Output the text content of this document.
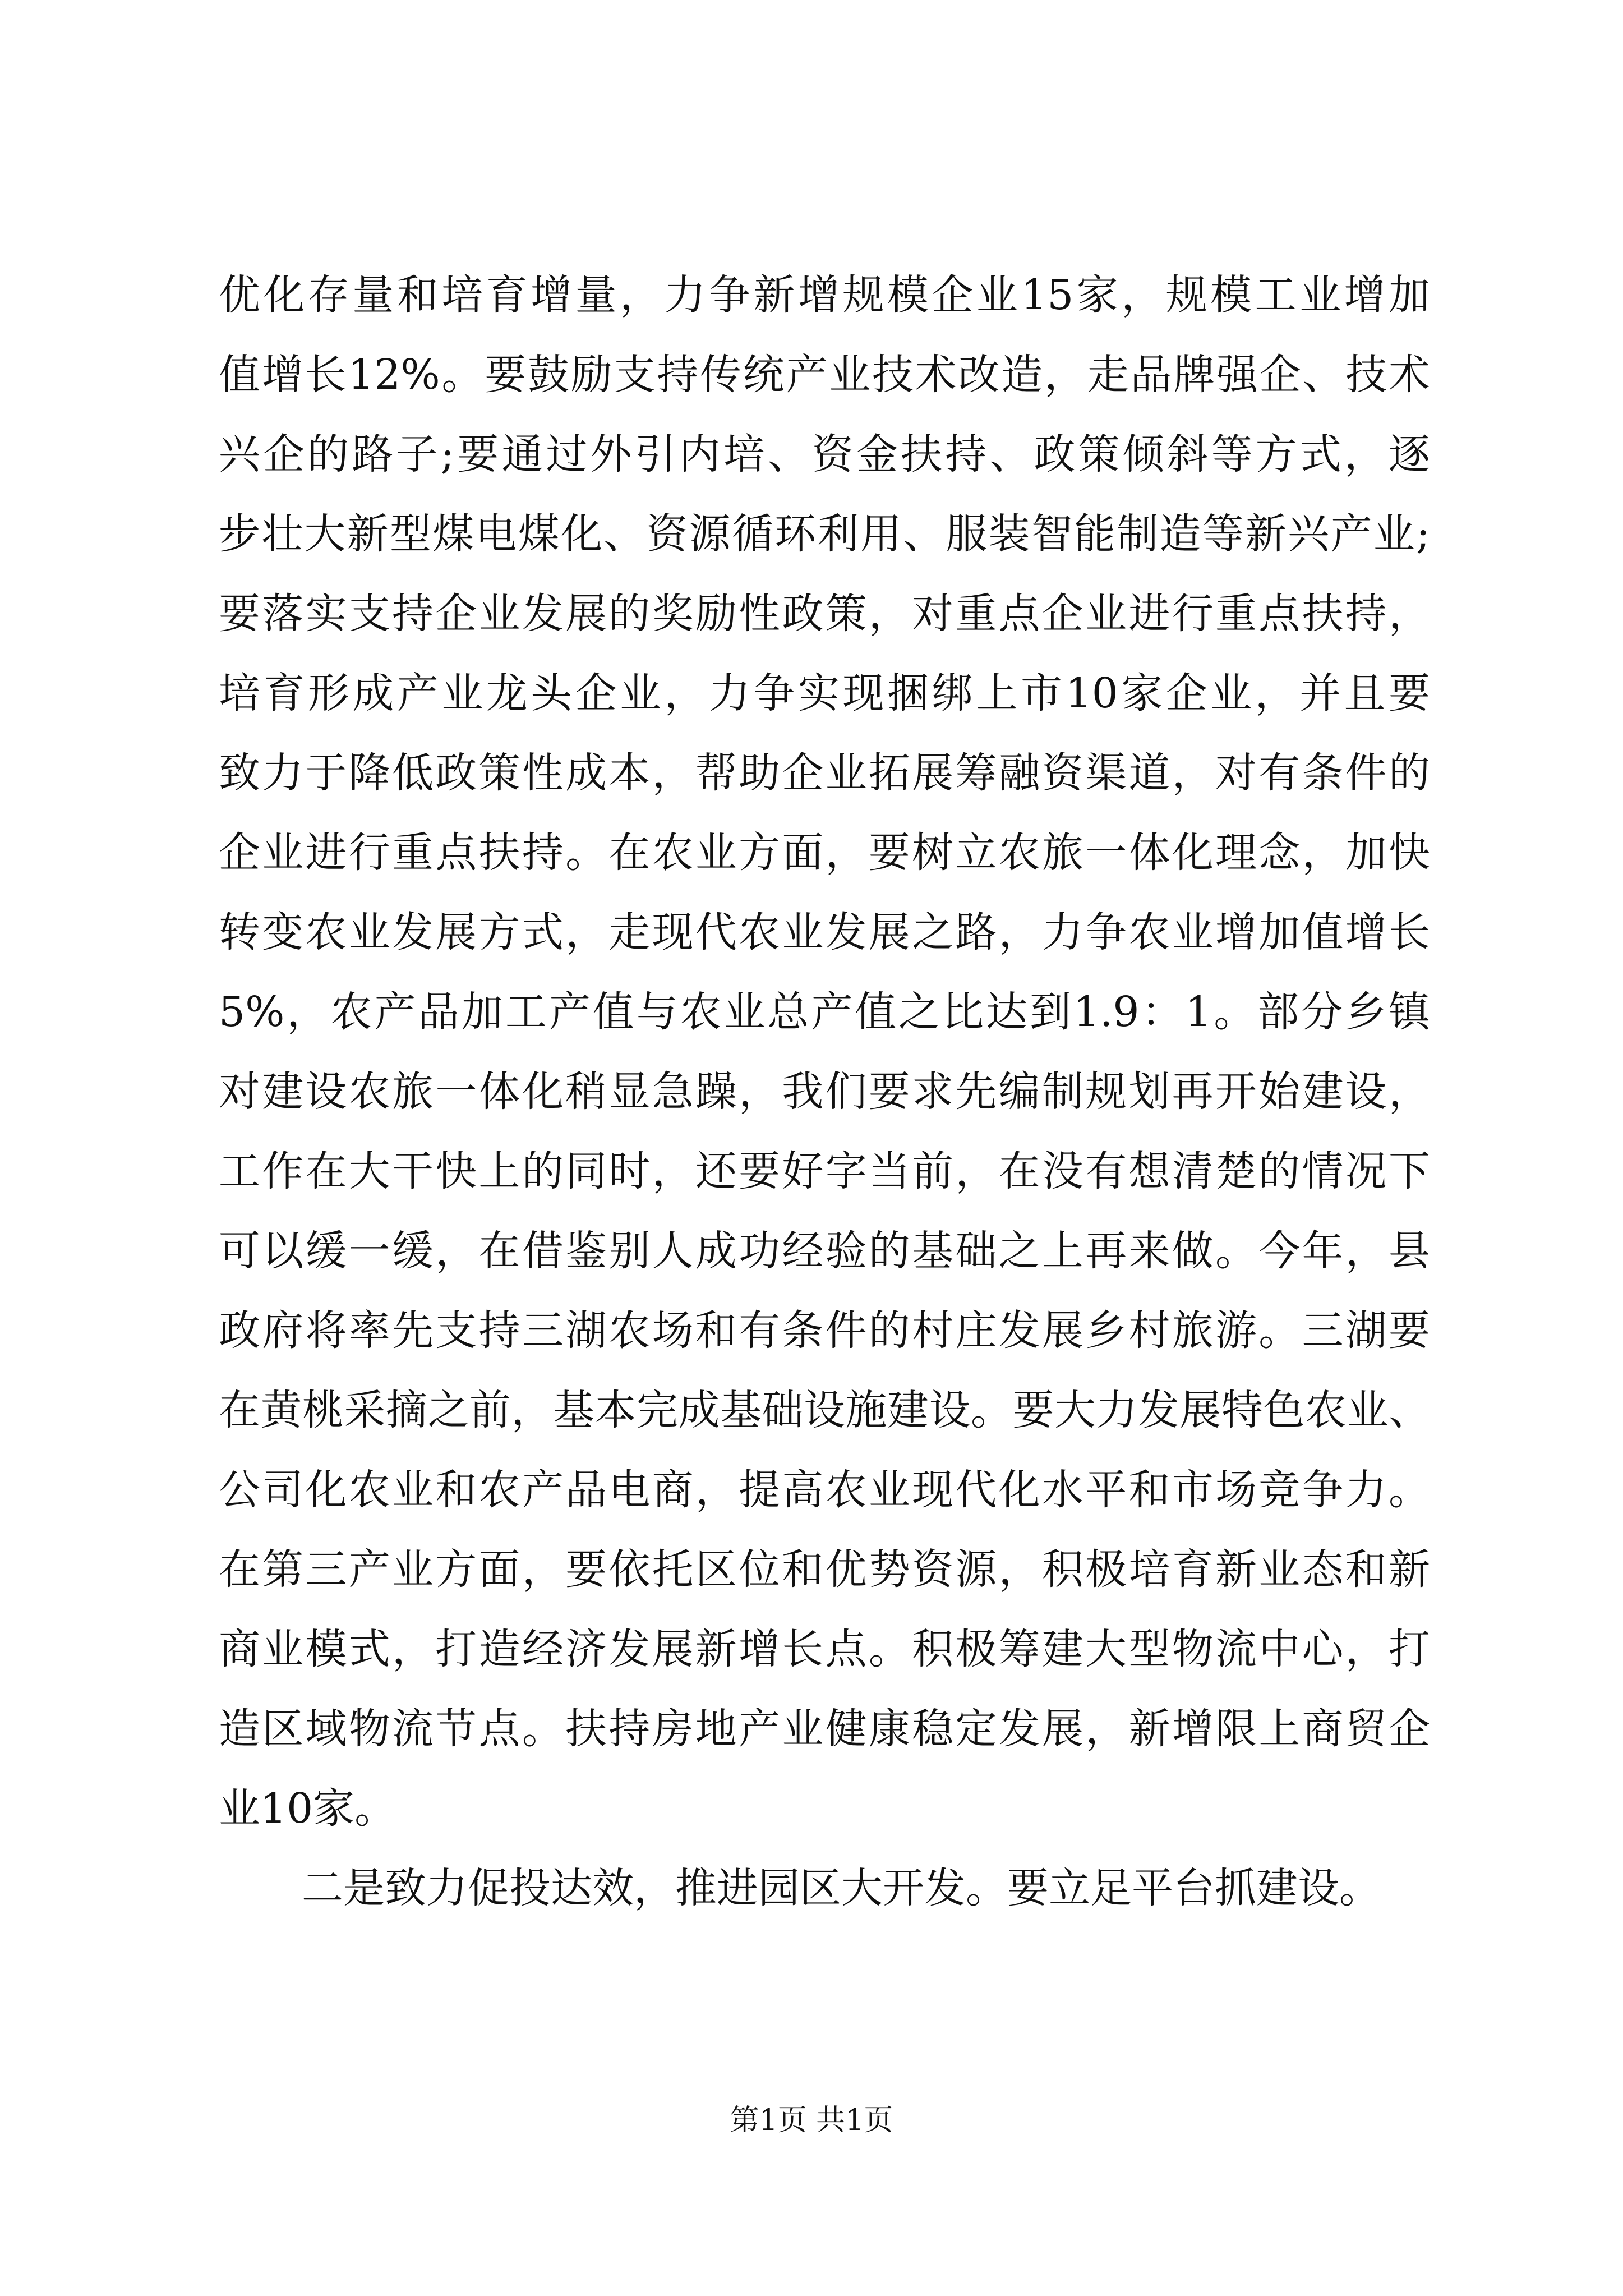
优化存量和培育增量，力争新增规模企业15家，规模工业增加
值增长12%。要鼓励支持传统产业技术改造，走品牌强企、技术
兴企的路子;要通过外引内培、资金扶持、政策倾斜等方式，逐
步壮大新型煤电煤化、资源循环利用、服装智能制造等新兴产业;
要落实支持企业发展的奖励性政策，对重点企业进行重点扶持，
培育形成产业龙头企业，力争实现捆绑上市10家企业，并且要
致力于降低政策性成本，帮助企业拓展筹融资渠道，对有条件的
企业进行重点扶持。在农业方面，要树立农旅一体化理念，加快
转变农业发展方式，走现代农业发展之路，力争农业增加值增长
5%，农产品加工产值与农业总产值之比达到1.9：1。部分乡镇
对建设农旅一体化稍显急躁，我们要求先编制规划再开始建设，
工作在大干快上的同时，还要好字当前，在没有想清楚的情况下
可以缓一缓，在借鉴别人成功经验的基础之上再来做。今年，县
政府将率先支持三湖农场和有条件的村庄发展乡村旅游。三湖要
在黄桃采摘之前，基本完成基础设施建设。要大力发展特色农业、
公司化农业和农产品电商，提高农业现代化水平和市场竞争力。
在第三产业方面，要依托区位和优势资源，积极培育新业态和新
商业模式，打造经济发展新增长点。积极筹建大型物流中心，打
造区域物流节点。扶持房地产业健康稳定发展，新增限上商贸企
业10家。
二是致力促投达效，推进园区大开发。要立足平台抓建设。
第1页 共1页
